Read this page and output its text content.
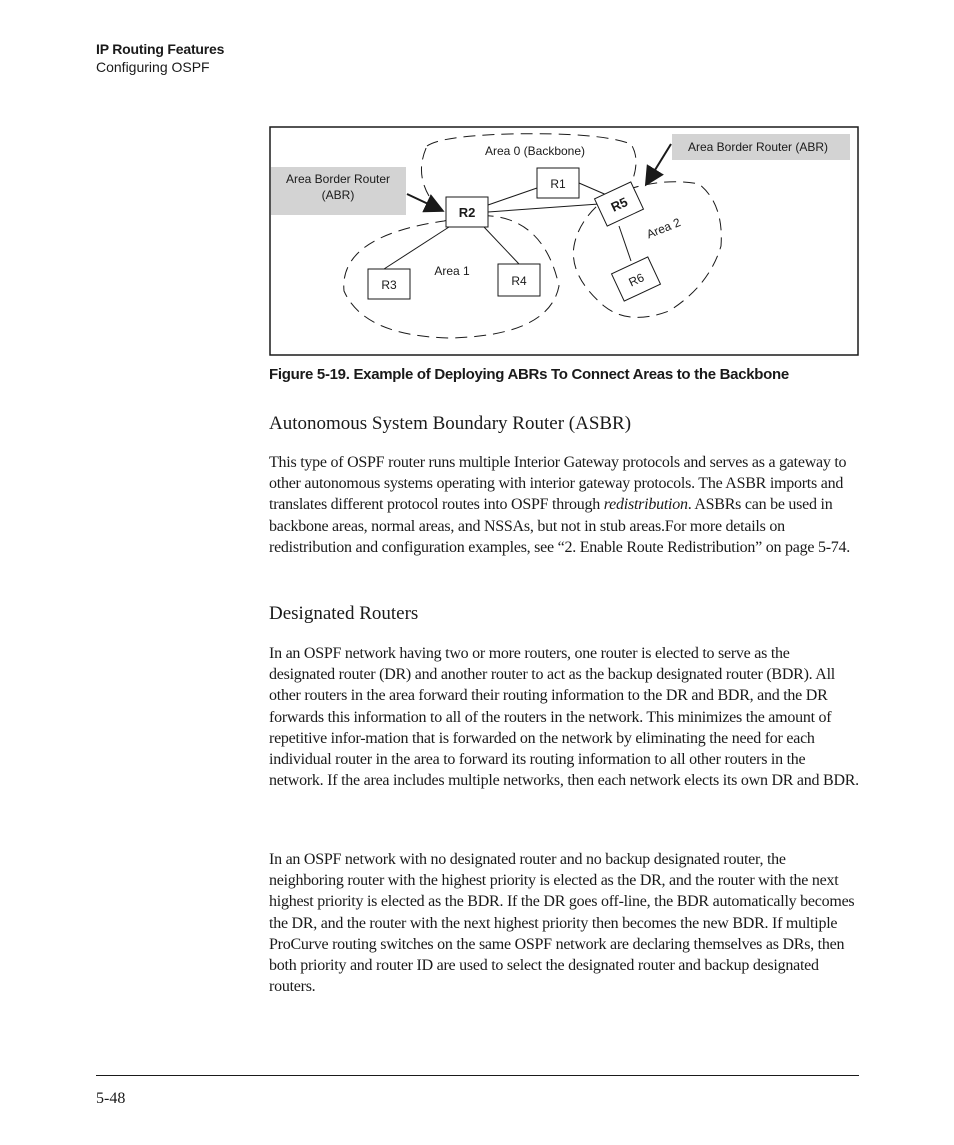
IP Routing Features
Configuring OSPF
R1
R2
R3	R4
R5
R6
Area 0 (Backbone)
Area 1
Area 2
Area Border Router
(ABR)
Area Border Router (ABR)
Figure 5-19. Example of Deploying ABRs To Connect Areas to the Backbone
Autonomous System Boundary Router (ASBR)

This type of OSPF router runs multiple Interior Gateway protocols and serves as a gateway to other autonomous systems operating with interior gateway protocols. The ASBR imports and translates different protocol routes into OSPF through redistribution. ASBRs can be used in backbone areas, normal areas, and NSSAs, but not in stub areas.For more details on redistribution and configuration examples, see “2. Enable Route Redistribution” on page 5-74.

Designated Routers

In an OSPF network having two or more routers, one router is elected to serve as the designated router (DR) and another router to act as the backup designated router (BDR). All other routers in the area forward their routing information to the DR and BDR, and the DR forwards this information to all of the routers in the network. This minimizes the amount of repetitive infor-mation that is forwarded on the network by eliminating the need for each individual router in the area to forward its routing information to all other routers in the network. If the area includes multiple networks, then each network elects its own DR and BDR.

In an OSPF network with no designated router and no backup designated router, the neighboring router with the highest priority is elected as the DR, and the router with the next highest priority is elected as the BDR. If the DR goes off-line, the BDR automatically becomes the DR, and the router with the next highest priority then becomes the new BDR. If multiple ProCurve routing switches on the same OSPF network are declaring themselves as DRs, then both priority and router ID are used to select the designated router and backup designated routers.

5-48
